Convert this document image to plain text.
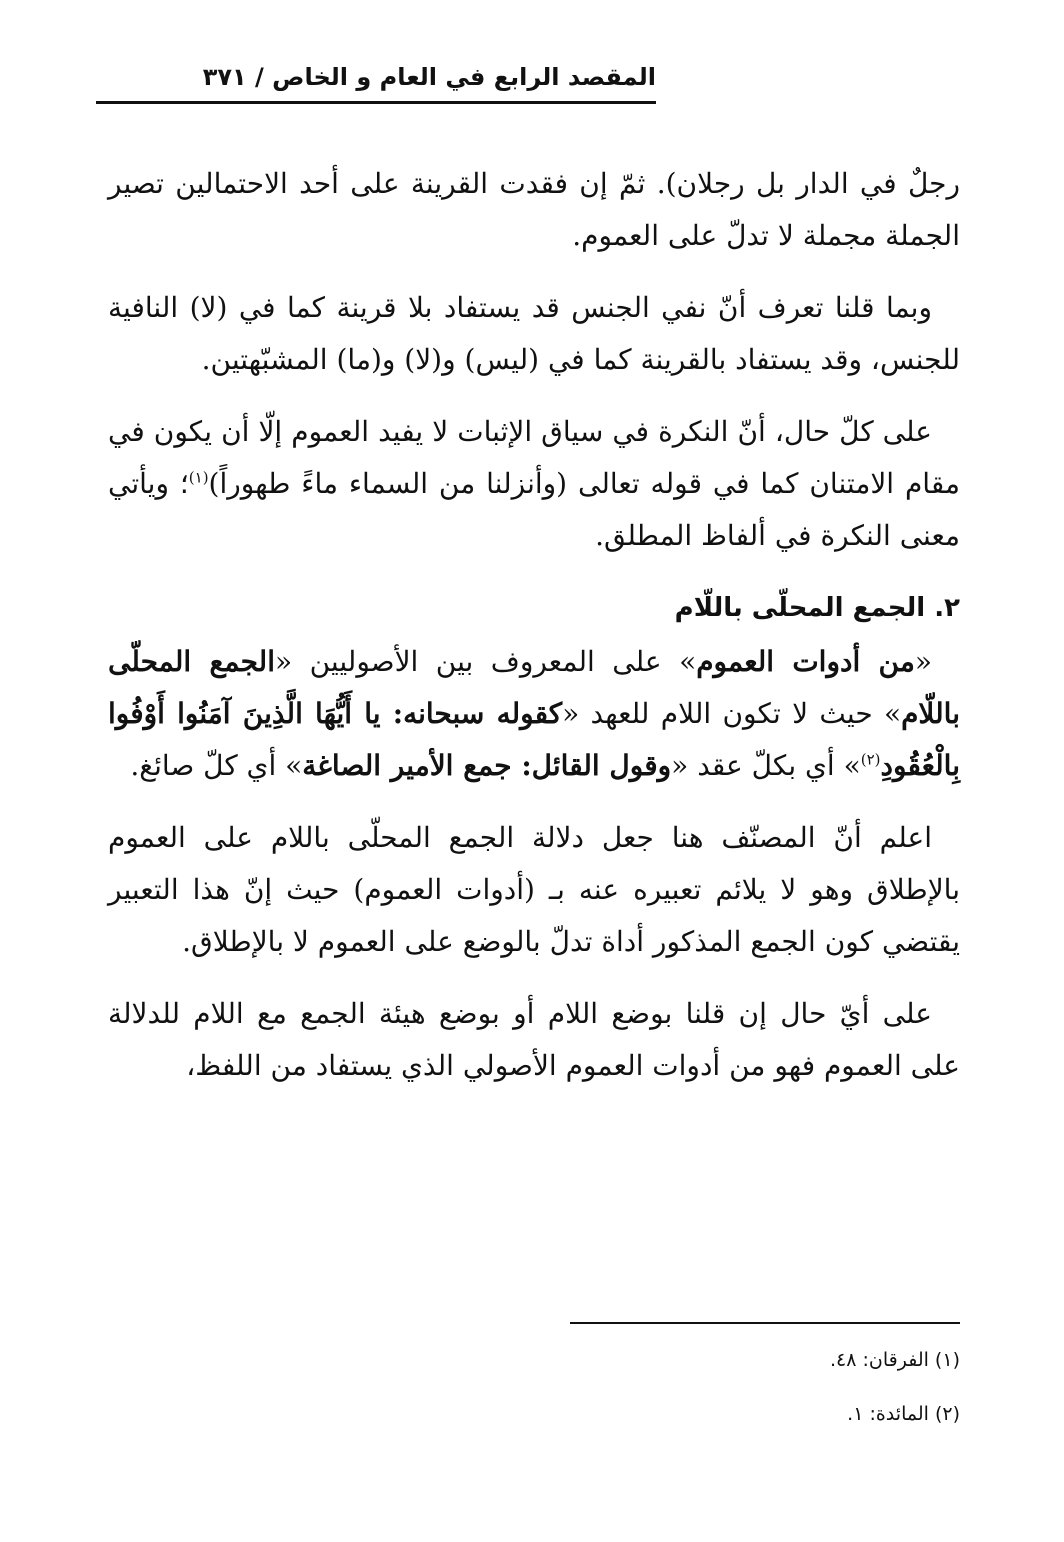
المقصد الرابع في العام و الخاص / ٣٧١

رجلٌ في الدار بل رجلان). ثمّ إن فقدت القرينة على أحد الاحتمالين تصير الجملة مجملة لا تدلّ على العموم.

وبما قلنا تعرف أنّ نفي الجنس قد يستفاد بلا قرينة كما في (لا) النافية للجنس، وقد يستفاد بالقرينة كما في (ليس) و(لا) و(ما) المشبّهتين.

على كلّ حال، أنّ النكرة في سياق الإثبات لا يفيد العموم إلّا أن يكون في مقام الامتنان كما في قوله تعالى (وأنزلنا من السماء ماءً طهوراً)$^{(١)}$؛ ويأتي معنى النكرة في ألفاظ المطلق.

٢. الجمع المحلّى باللّام

«من أدوات العموم» على المعروف بين الأصوليين «الجمع المحلّى باللّام» حيث لا تكون اللام للعهد «كقوله سبحانه: يا أَيُّهَا الَّذِينَ آمَنُوا أَوْفُوا بِالْعُقُودِ$^{(٢)}$» أي بكلّ عقد «وقول القائل: جمع الأمير الصاغة» أي كلّ صائغ.

اعلم أنّ المصنّف هنا جعل دلالة الجمع المحلّى باللام على العموم بالإطلاق وهو لا يلائم تعبيره عنه بـ (أدوات العموم) حيث إنّ هذا التعبير يقتضي كون الجمع المذكور أداة تدلّ بالوضع على العموم لا بالإطلاق.

على أيّ حال إن قلنا بوضع اللام أو بوضع هيئة الجمع مع اللام للدلالة على العموم فهو من أدوات العموم الأصولي الذي يستفاد من اللفظ،

(١) الفرقان: ٤٨.

(٢) المائدة: ١.
